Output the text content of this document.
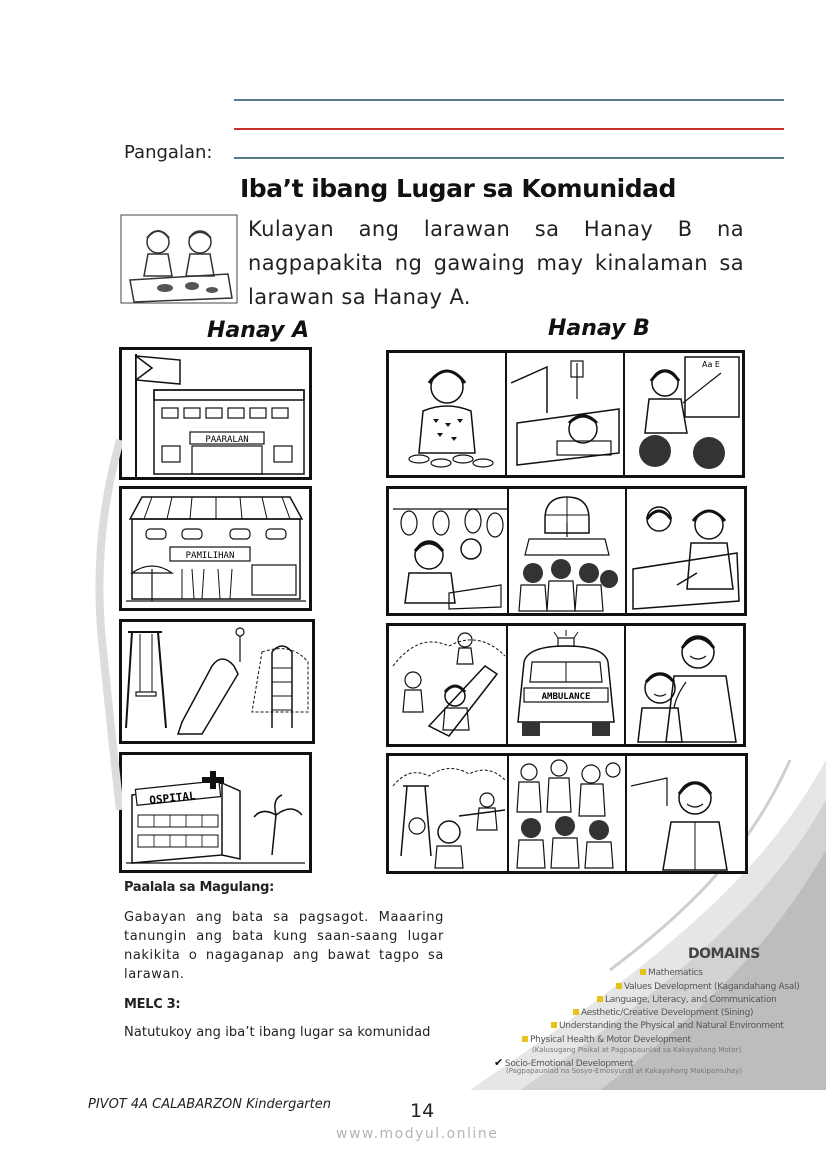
Pangalan:
Iba’t ibang Lugar sa Komunidad
Kulayan ang larawan sa Hanay B na nagpapakita ng gawaing may kinalaman sa larawan sa Hanay A.
Hanay A	Hanay B
PAARALAN
PAMILIHAN
OSPITAL
Aa E
AMBULANCE
Paalala sa Magulang:
Gabayan ang bata sa pagsagot. Maaaring tanungin ang bata kung saan-saang lugar nakikita o nagaganap ang bawat tagpo sa larawan.
MELC 3:
Natutukoy ang iba’t ibang lugar sa komunidad
DOMAINS
Mathematics
Values Development (Kagandahang Asal)
Language, Literacy, and Communication
Aesthetic/Creative Development (Sining)
Understanding the Physical and Natural Environment
Physical Health & Motor Development
(Kalusugang Pisikal at Pagpapaunlad sa Kakayahang Motor)
✔ Socio-Emotional Development
(Pagpapaunlad na Sosyo-Emosyunal at Kakayahang Makipamuhay)
PIVOT 4A CALABARZON Kindergarten	14
www.modyul.online
